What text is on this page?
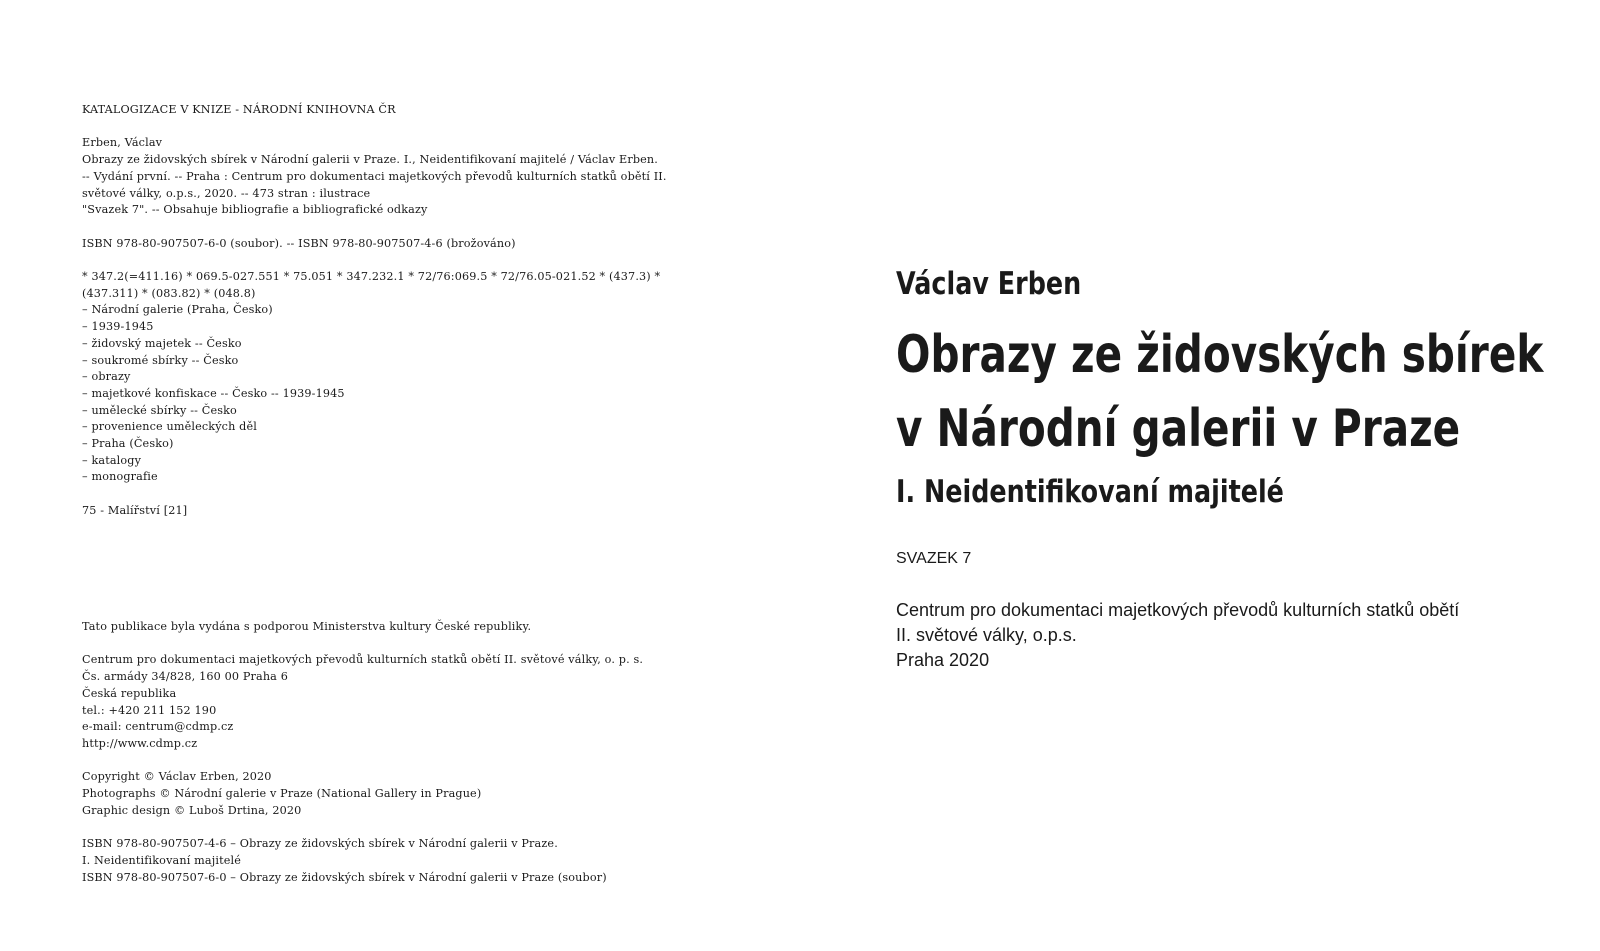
KATALOGIZACE V KNIZE - NÁRODNÍ KNIHOVNA ČR
Erben, Václav
Obrazy ze židovských sbírek v Národní galerii v Praze. I., Neidentifikovaní majitelé / Václav Erben.
-- Vydání první. -- Praha : Centrum pro dokumentaci majetkových převodů kulturních statků obětí II.
světové války, o.p.s., 2020. -- 473 stran : ilustrace
"Svazek 7". -- Obsahuje bibliografie a bibliografické odkazy
ISBN 978-80-907507-6-0 (soubor). -- ISBN 978-80-907507-4-6 (brožováno)
* 347.2(=411.16) * 069.5-027.551 * 75.051 * 347.232.1 * 72/76:069.5 * 72/76.05-021.52 * (437.3) *
(437.311) * (083.82) * (048.8)
– Národní galerie (Praha, Česko)
– 1939-1945
– židovský majetek -- Česko
– soukromé sbírky -- Česko
– obrazy
– majetkové konfiskace -- Česko -- 1939-1945
– umělecké sbírky -- Česko
– provenience uměleckých děl
– Praha (Česko)
– katalogy
– monografie
75 - Malířství [21]
Tato publikace byla vydána s podporou Ministerstva kultury České republiky.
Centrum pro dokumentaci majetkových převodů kulturních statků obětí II. světové války, o. p. s.
Čs. armády 34/828, 160 00 Praha 6
Česká republika
tel.: +420 211 152 190
e-mail: centrum@cdmp.cz
http://www.cdmp.cz
Copyright © Václav Erben, 2020
Photographs © Národní galerie v Praze (National Gallery in Prague)
Graphic design © Luboš Drtina, 2020
ISBN 978-80-907507-4-6 – Obrazy ze židovských sbírek v Národní galerii v Praze.
I. Neidentifikovaní majitelé
ISBN 978-80-907507-6-0 – Obrazy ze židovských sbírek v Národní galerii v Praze (soubor)
Václav Erben
Obrazy ze židovských sbírek
v Národní galerii v Praze
I. Neidentifikovaní majitelé
SVAZEK 7
Centrum pro dokumentaci majetkových převodů kulturních statků obětí
II. světové války, o.p.s.
Praha 2020
